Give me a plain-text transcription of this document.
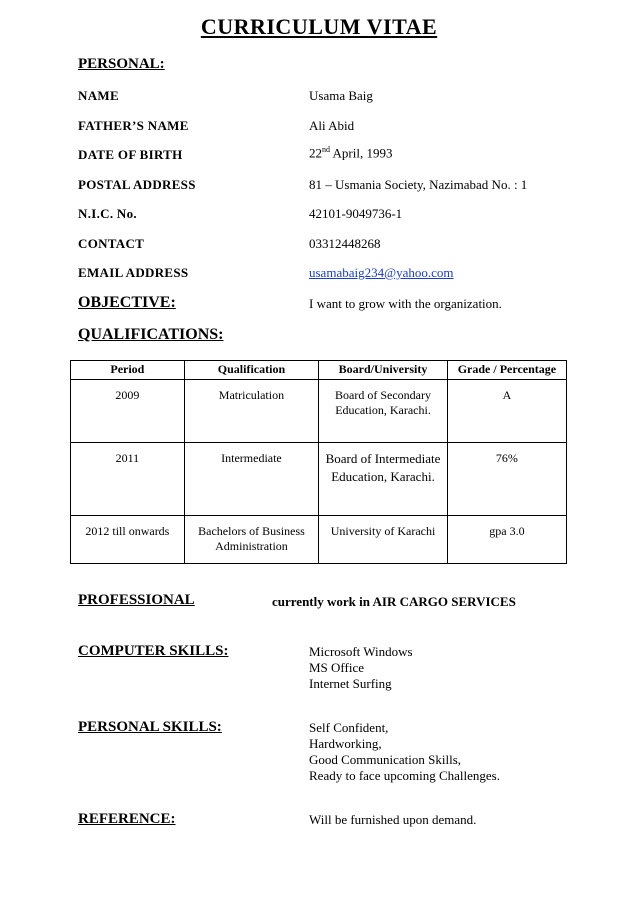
CURRICULUM VITAE
PERSONAL:
NAME	Usama Baig
FATHER’S NAME	Ali Abid
DATE OF BIRTH	22nd April, 1993
POSTAL ADDRESS	81 – Usmania Society, Nazimabad No. : 1
N.I.C. No.	42101-9049736-1
CONTACT	03312448268
EMAIL ADDRESS	usamabaig234@yahoo.com
OBJECTIVE:	I want to grow with the organization.
QUALIFICATIONS:
Period	Qualification	Board/University	Grade / Percentage
2009	Matriculation	Board of Secondary Education, Karachi.	A
2011	Intermediate	Board of Intermediate Education, Karachi.	76%
2012 till onwards	Bachelors of Business Administration	University of Karachi	gpa 3.0
PROFESSIONAL	currently work in AIR CARGO SERVICES
COMPUTER SKILLS:	Microsoft Windows
MS Office
Internet Surfing
PERSONAL SKILLS:	Self Confident,
Hardworking,
Good Communication Skills,
Ready to face upcoming Challenges.
REFERENCE:	Will be furnished upon demand.
